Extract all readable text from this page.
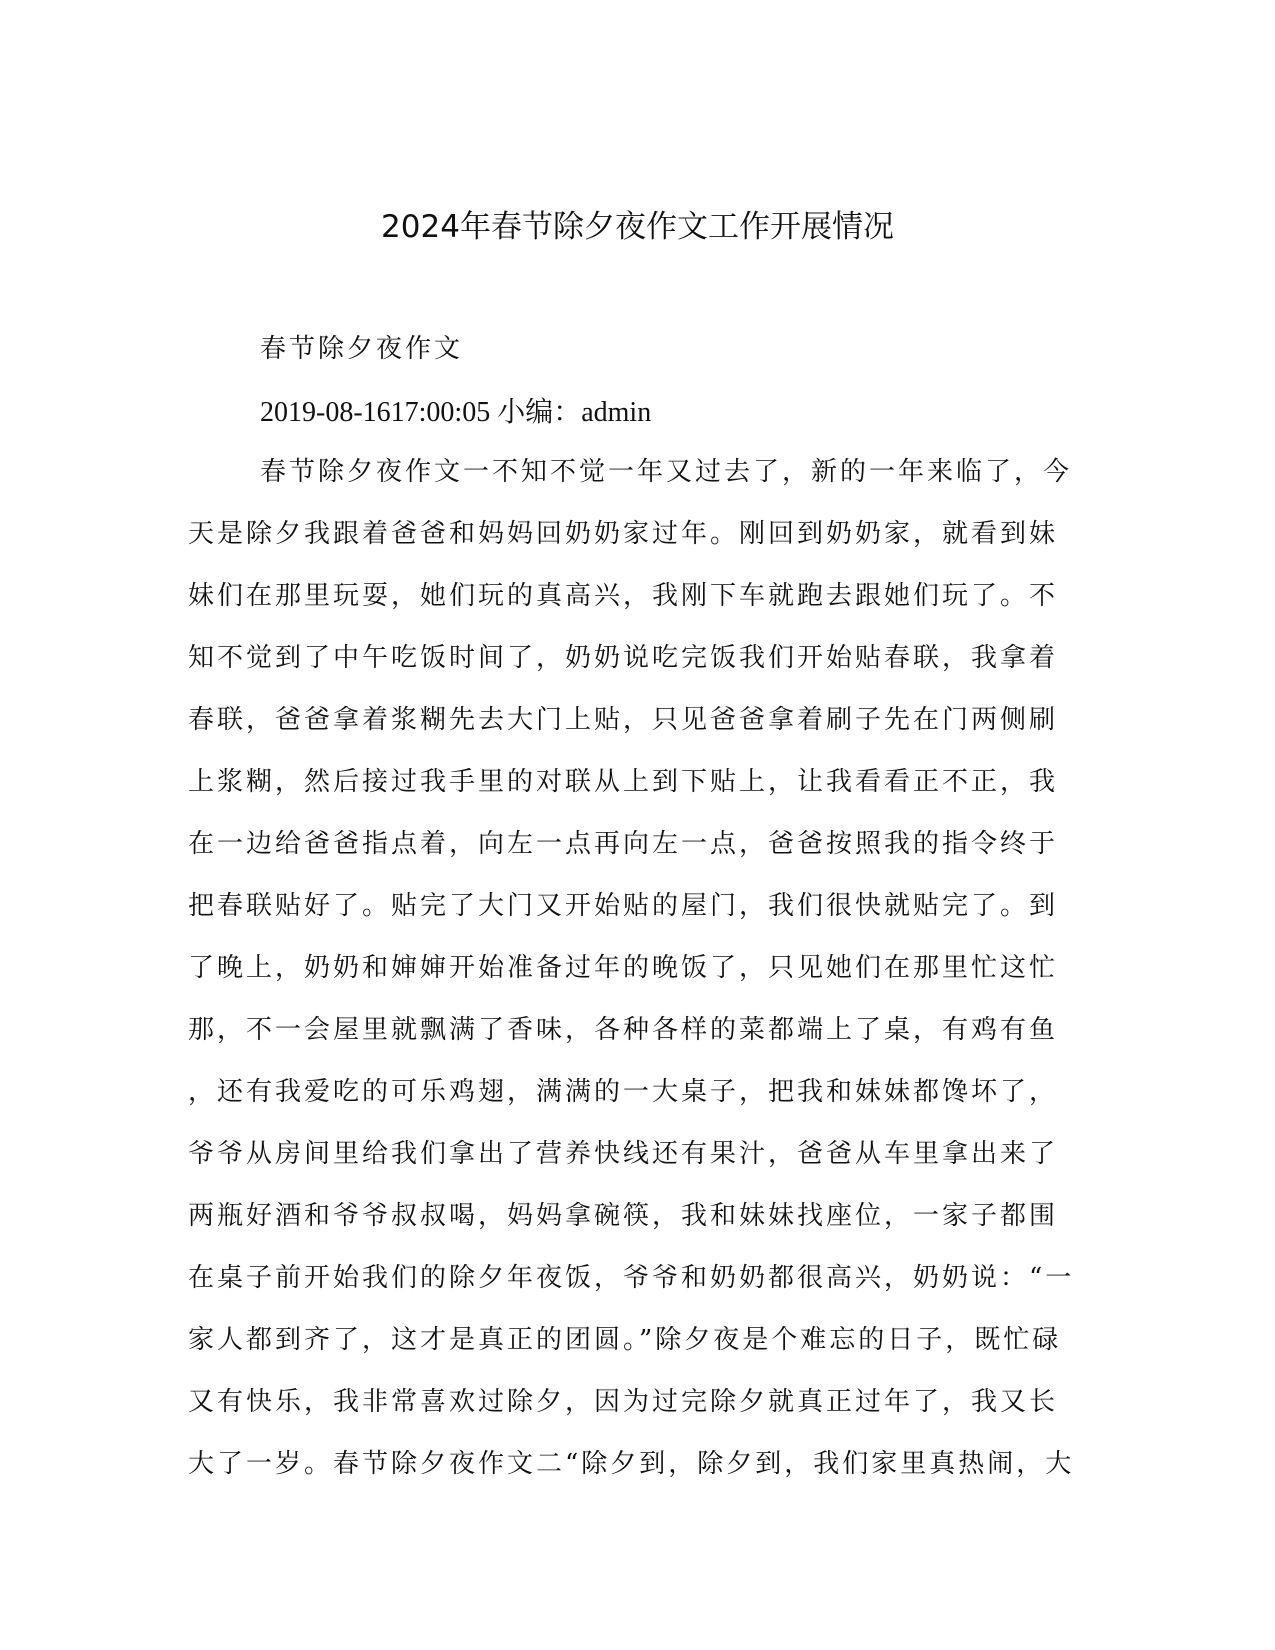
2024年春节除夕夜作文工作开展情况
春节除夕夜作文
2019-08-1617:00:05 小编：admin
春节除夕夜作文一不知不觉一年又过去了，新的一年来临了，今
天是除夕我跟着爸爸和妈妈回奶奶家过年。刚回到奶奶家，就看到妹
妹们在那里玩耍，她们玩的真高兴，我刚下车就跑去跟她们玩了。不
知不觉到了中午吃饭时间了，奶奶说吃完饭我们开始贴春联，我拿着
春联，爸爸拿着浆糊先去大门上贴，只见爸爸拿着刷子先在门两侧刷
上浆糊，然后接过我手里的对联从上到下贴上，让我看看正不正，我
在一边给爸爸指点着，向左一点再向左一点，爸爸按照我的指令终于
把春联贴好了。贴完了大门又开始贴的屋门，我们很快就贴完了。到
了晚上，奶奶和婶婶开始准备过年的晚饭了，只见她们在那里忙这忙
那，不一会屋里就飘满了香味，各种各样的菜都端上了桌，有鸡有鱼
，还有我爱吃的可乐鸡翅，满满的一大桌子，把我和妹妹都馋坏了，
爷爷从房间里给我们拿出了营养快线还有果汁，爸爸从车里拿出来了
两瓶好酒和爷爷叔叔喝，妈妈拿碗筷，我和妹妹找座位，一家子都围
在桌子前开始我们的除夕年夜饭，爷爷和奶奶都很高兴，奶奶说：“一
家人都到齐了，这才是真正的团圆。”除夕夜是个难忘的日子，既忙碌
又有快乐，我非常喜欢过除夕，因为过完除夕就真正过年了，我又长
大了一岁。春节除夕夜作文二“除夕到，除夕到，我们家里真热闹，大
